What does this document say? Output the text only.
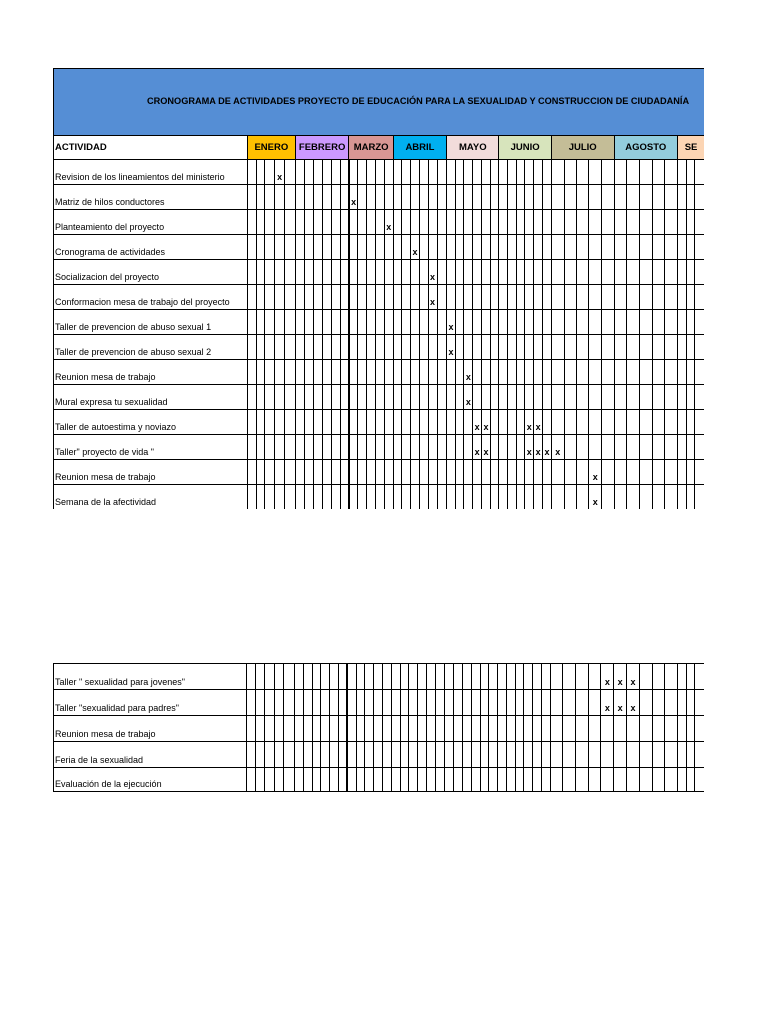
CRONOGRAMA DE ACTIVIDADES PROYECTO DE EDUCACIÓN PARA LA SEXUALIDAD Y CONSTRUCCION DE CIUDADANÍA
ACTIVIDAD	ENERO					FEBRERO						MARZO					ABRIL						MAYO						JUNIO						JULIO					AGOSTO					SE		
Revision de los lineamientos del ministerio				x																																											
Matriz de hilos conductores												x																																			
Planteamiento del proyecto																x																															
Cronograma de actividades																			x																												
Socializacion del proyecto																					x																										
Conformacion mesa de trabajo del proyecto																					x																										
Taller de prevencion de abuso sexual 1																							x																								
Taller de prevencion de abuso sexual 2																							x																								
Reunion mesa de trabajo																									x																						
Mural expresa tu sexualidad																									x																						
Taller de autoestima y noviazo																										x	x					x	x														
Taller" proyecto de vida "																										x	x					x	x	x	x												
Reunion mesa de trabajo																																						x									
Semana de la afectividad																																						x									
Taller " sexualidad para jovenes"																																							x	x	x						
Taller "sexualidad para padres"																																							x	x	x						
Reunion mesa de trabajo																																															
Feria de la sexualidad																																															
Evaluación de la ejecución																																															
